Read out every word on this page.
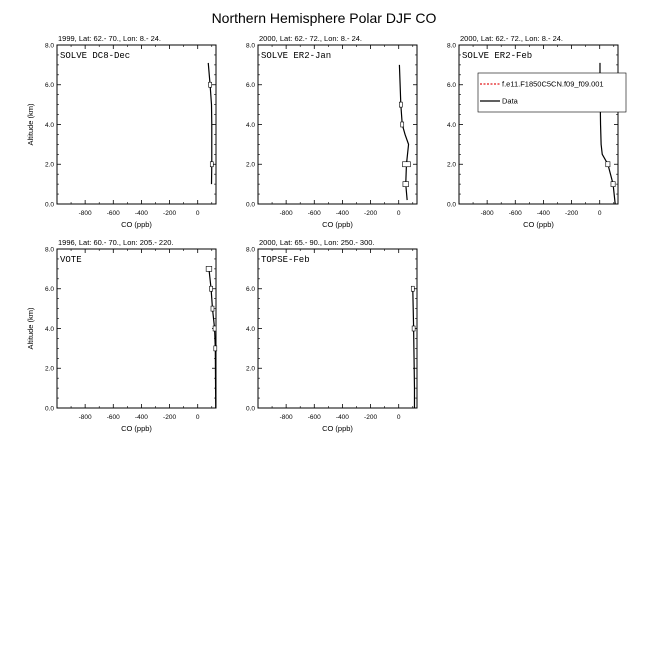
Northern Hemisphere Polar DJF CO
1999, Lat: 62.- 70., Lon: 8.- 24.
-800 -600 -400 -200	0
0.0
2.0
4.0
6.0
8.0
CO (ppb)
Altitude (km)
SOLVE DC8-Dec
2000, Lat: 62.- 72., Lon: 8.- 24.
-800 -600 -400 -200	0
0.0
2.0
4.0
6.0
8.0
CO (ppb)
SOLVE ER2-Jan
2000, Lat: 62.- 72., Lon: 8.- 24.
-800 -600 -400 -200	0
0.0
2.0
4.0
6.0
8.0
CO (ppb)
SOLVE ER2-Feb
f.e11.F1850C5CN.f09_f09.001
Data
1996, Lat: 60.- 70., Lon: 205.- 220.
-800 -600 -400 -200	0
0.0
2.0
4.0
6.0
8.0
CO (ppb)
Altitude (km)
VOTE
2000, Lat: 65.- 90., Lon: 250.- 300.
-800 -600 -400 -200	0
0.0
2.0
4.0
6.0
8.0
CO (ppb)
TOPSE-Feb
